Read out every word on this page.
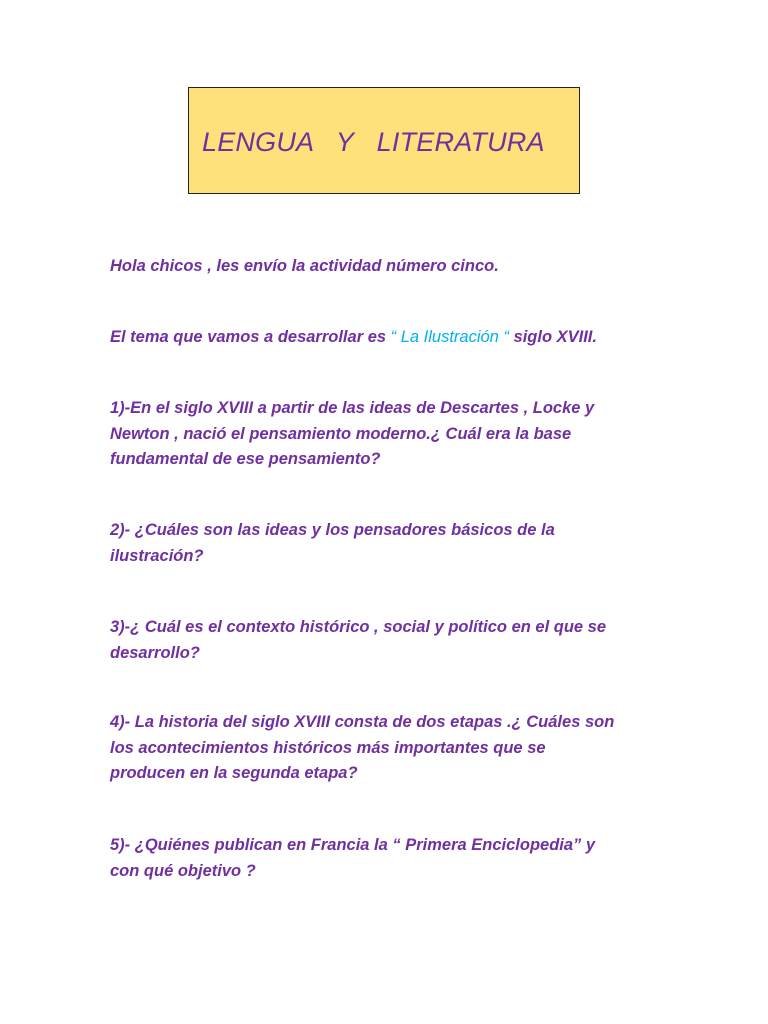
LENGUA   Y   LITERATURA

Hola chicos , les envío la actividad número cinco.

El tema que vamos a desarrollar es “ La Ilustración “ siglo XVIII.

1)-En el siglo XVIII a partir de las ideas de Descartes , Locke y
Newton , nació el pensamiento moderno.¿ Cuál era la base
fundamental de ese pensamiento?

2)- ¿Cuáles son las ideas y los pensadores básicos de la
ilustración?

3)-¿ Cuál es el contexto histórico , social y político en el que se
desarrollo?

4)- La historia del siglo XVIII consta de dos etapas .¿ Cuáles son
los acontecimientos históricos más importantes que se
producen en la segunda etapa?

5)- ¿Quiénes publican en Francia la “ Primera Enciclopedia” y
con qué objetivo ?
